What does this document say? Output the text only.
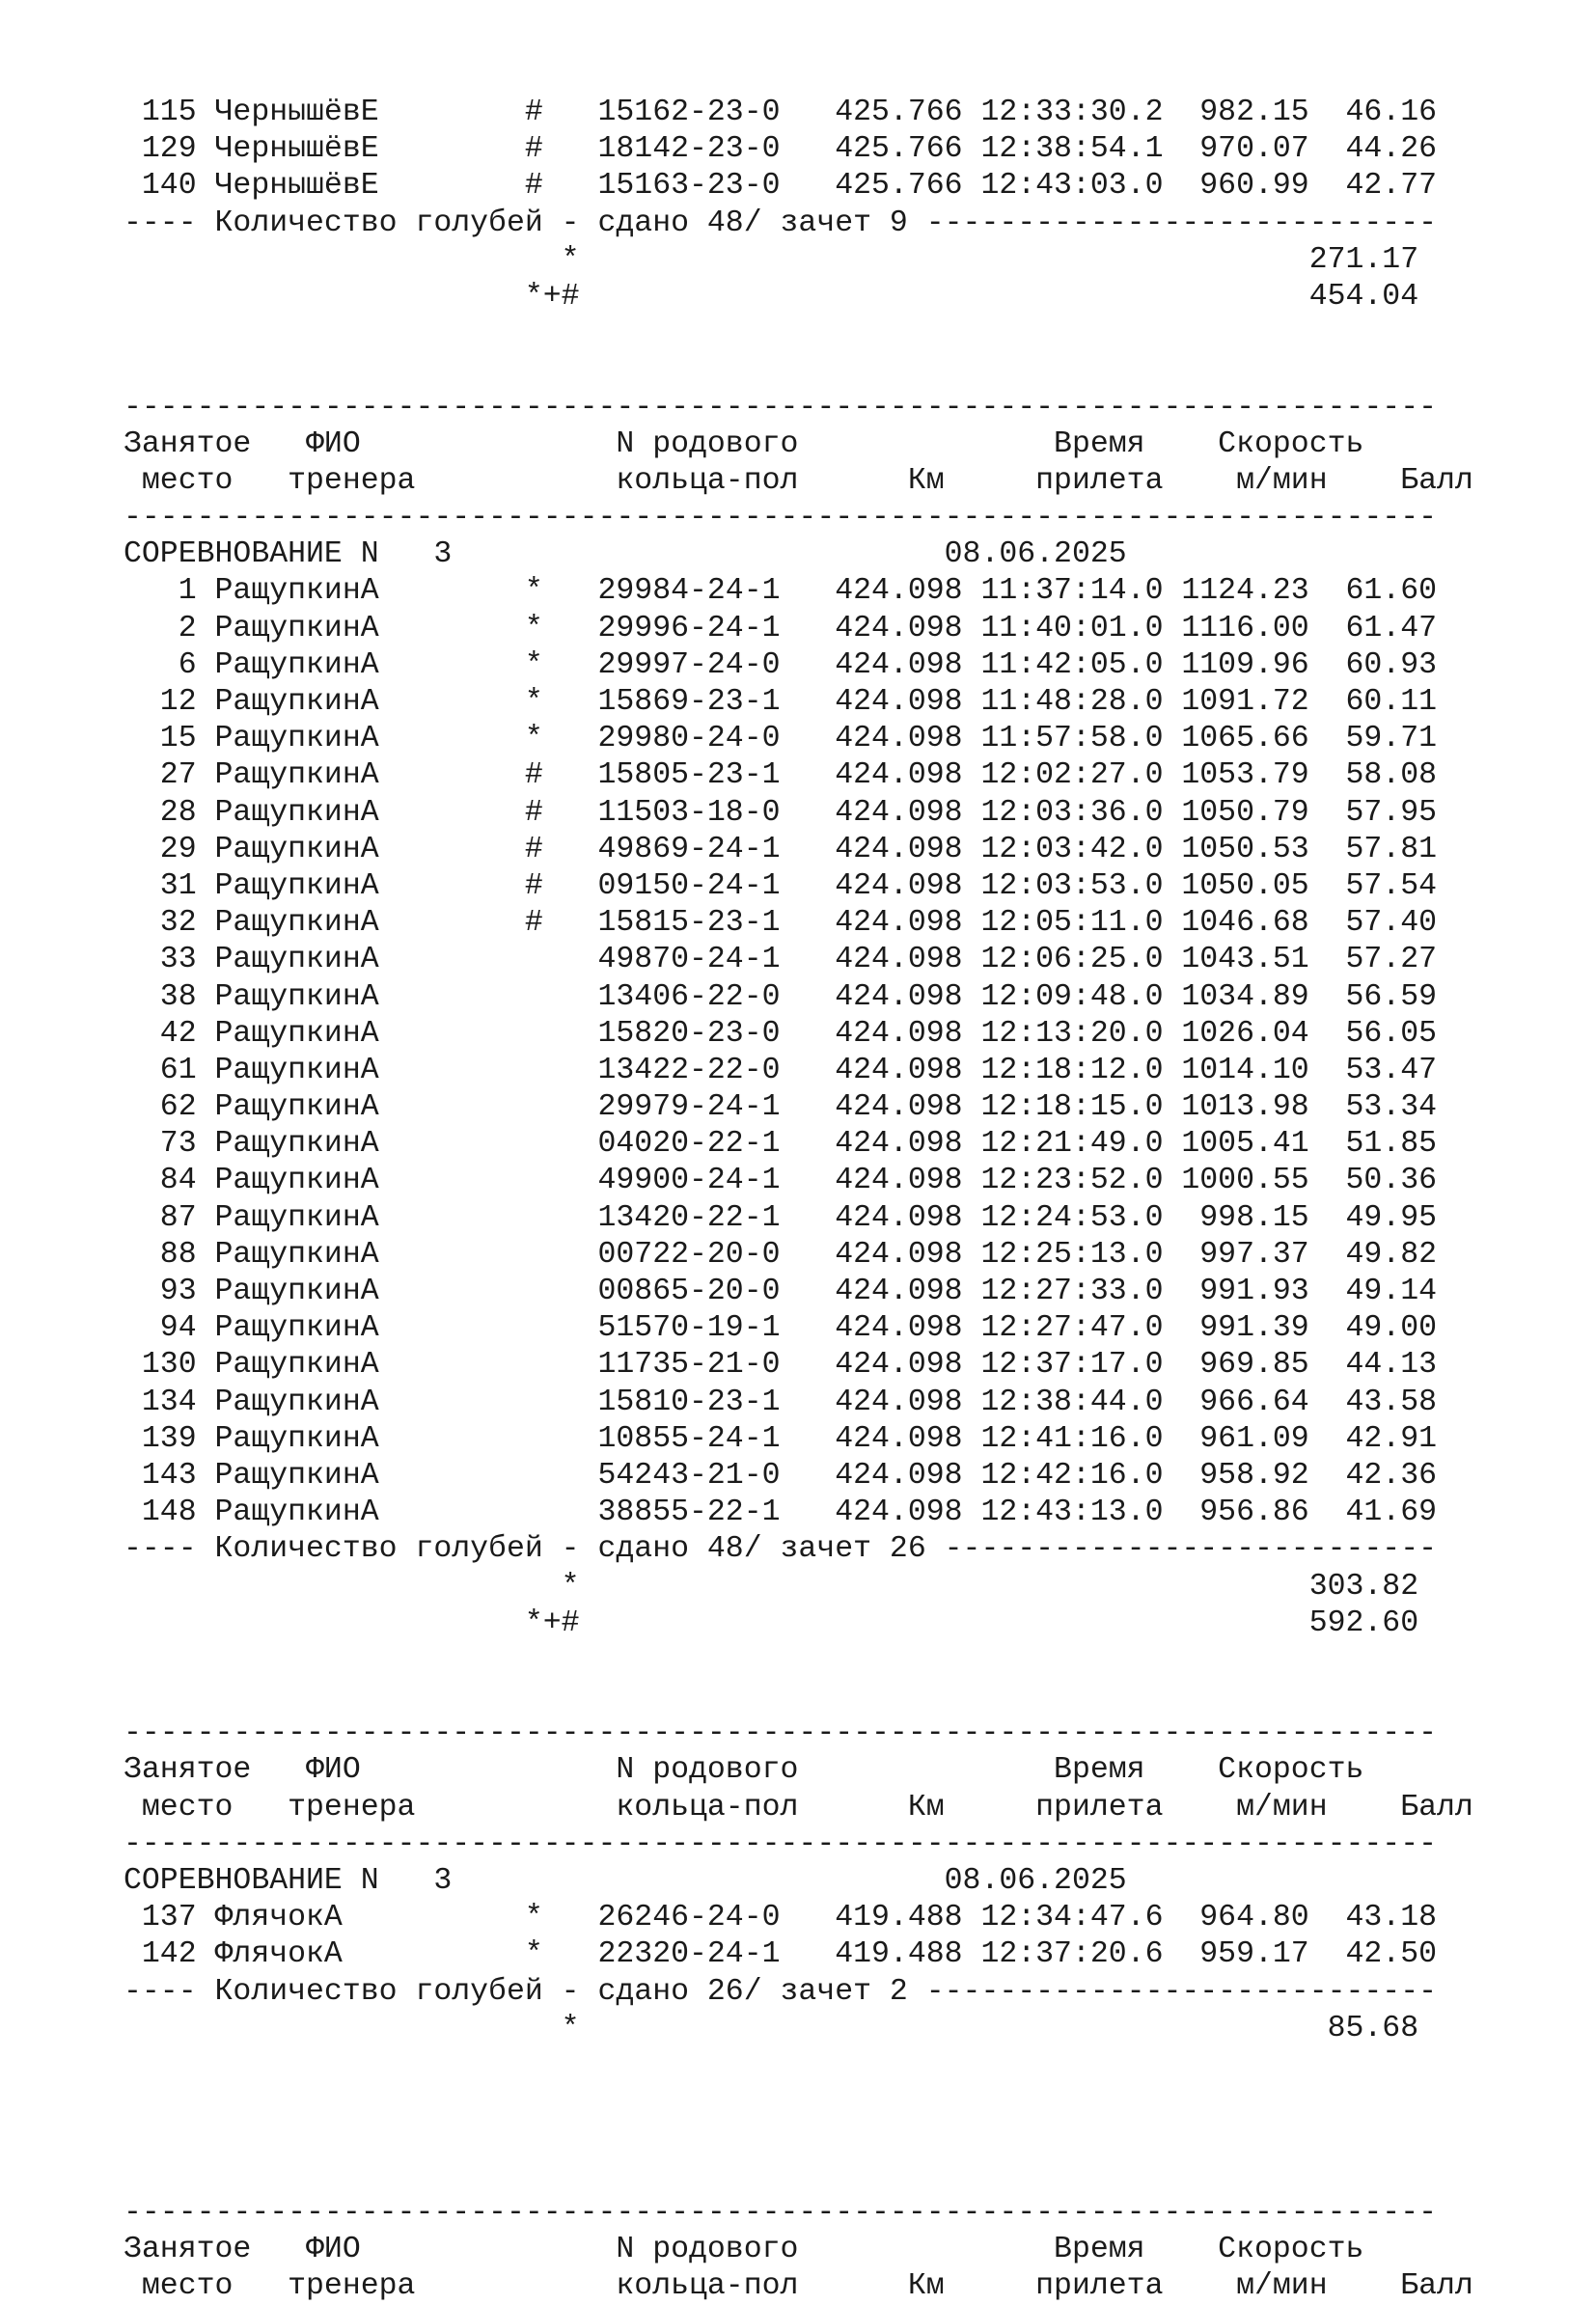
115 ЧернышёвЕ        #   15162-23-0   425.766 12:33:30.2  982.15  46.16
129 ЧернышёвЕ        #   18142-23-0   425.766 12:38:54.1  970.07  44.26
140 ЧернышёвЕ        #   15163-23-0   425.766 12:43:03.0  960.99  42.77
---- Количество голубей - сдано 48/ зачет 9 ----------------------------
*                                        271.17
*+#                                        454.04
------------------------------------------------------------------------
Занятое   ФИО              N родового              Время    Скорость
место   тренера           кольца-пол      Км     прилета    м/мин    Балл
------------------------------------------------------------------------
СОРЕВНОВАНИЕ N   3                           08.06.2025
1 РащупкинА        *   29984-24-1   424.098 11:37:14.0 1124.23  61.60
2 РащупкинА        *   29996-24-1   424.098 11:40:01.0 1116.00  61.47
6 РащупкинА        *   29997-24-0   424.098 11:42:05.0 1109.96  60.93
12 РащупкинА        *   15869-23-1   424.098 11:48:28.0 1091.72  60.11
15 РащупкинА        *   29980-24-0   424.098 11:57:58.0 1065.66  59.71
27 РащупкинА        #   15805-23-1   424.098 12:02:27.0 1053.79  58.08
28 РащупкинА        #   11503-18-0   424.098 12:03:36.0 1050.79  57.95
29 РащупкинА        #   49869-24-1   424.098 12:03:42.0 1050.53  57.81
31 РащупкинА        #   09150-24-1   424.098 12:03:53.0 1050.05  57.54
32 РащупкинА        #   15815-23-1   424.098 12:05:11.0 1046.68  57.40
33 РащупкинА            49870-24-1   424.098 12:06:25.0 1043.51  57.27
38 РащупкинА            13406-22-0   424.098 12:09:48.0 1034.89  56.59
42 РащупкинА            15820-23-0   424.098 12:13:20.0 1026.04  56.05
61 РащупкинА            13422-22-0   424.098 12:18:12.0 1014.10  53.47
62 РащупкинА            29979-24-1   424.098 12:18:15.0 1013.98  53.34
73 РащупкинА            04020-22-1   424.098 12:21:49.0 1005.41  51.85
84 РащупкинА            49900-24-1   424.098 12:23:52.0 1000.55  50.36
87 РащупкинА            13420-22-1   424.098 12:24:53.0  998.15  49.95
88 РащупкинА            00722-20-0   424.098 12:25:13.0  997.37  49.82
93 РащупкинА            00865-20-0   424.098 12:27:33.0  991.93  49.14
94 РащупкинА            51570-19-1   424.098 12:27:47.0  991.39  49.00
130 РащупкинА            11735-21-0   424.098 12:37:17.0  969.85  44.13
134 РащупкинА            15810-23-1   424.098 12:38:44.0  966.64  43.58
139 РащупкинА            10855-24-1   424.098 12:41:16.0  961.09  42.91
143 РащупкинА            54243-21-0   424.098 12:42:16.0  958.92  42.36
148 РащупкинА            38855-22-1   424.098 12:43:13.0  956.86  41.69
---- Количество голубей - сдано 48/ зачет 26 ---------------------------
*                                        303.82
*+#                                        592.60
------------------------------------------------------------------------
Занятое   ФИО              N родового              Время    Скорость
место   тренера           кольца-пол      Км     прилета    м/мин    Балл
------------------------------------------------------------------------
СОРЕВНОВАНИЕ N   3                           08.06.2025
137 ФлячокА          *   26246-24-0   419.488 12:34:47.6  964.80  43.18
142 ФлячокА          *   22320-24-1   419.488 12:37:20.6  959.17  42.50
---- Количество голубей - сдано 26/ зачет 2 ----------------------------
*                                         85.68
------------------------------------------------------------------------
Занятое   ФИО              N родового              Время    Скорость
место   тренера           кольца-пол      Км     прилета    м/мин    Балл
